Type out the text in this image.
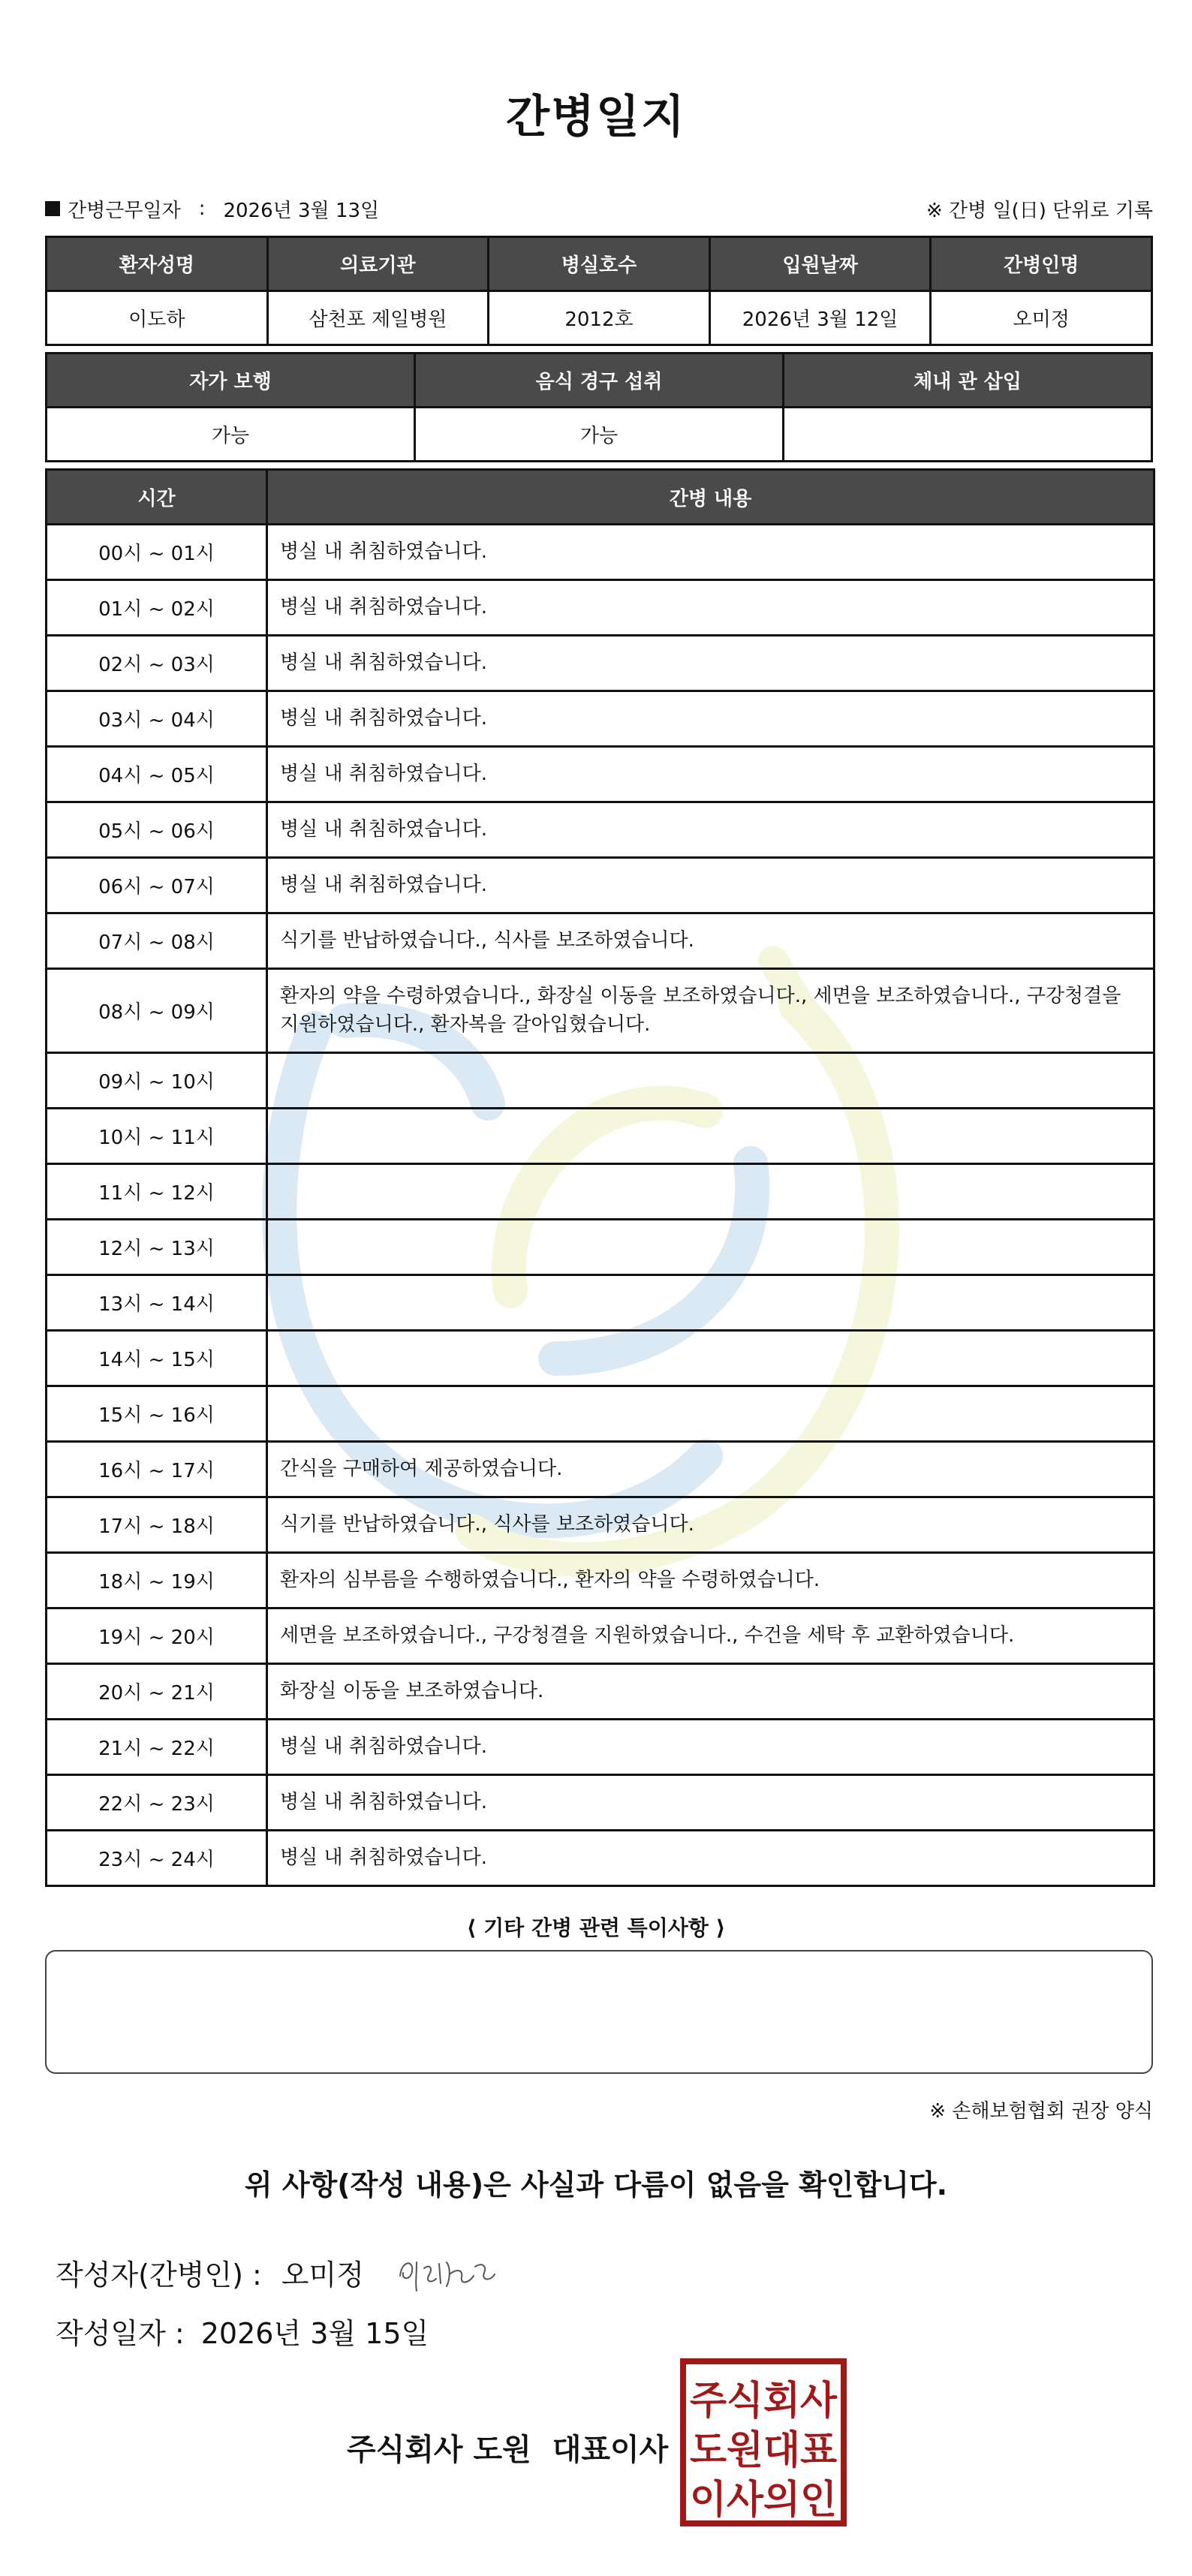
간병일지
간병근무일자 : 2026년 3월 13일	※ 간병 일(日) 단위로 기록
환자성명	의료기관	병실호수	입원날짜	간병인명
이도하	삼천포 제일병원	2012호	2026년 3월 12일	오미정
자가 보행	음식 경구 섭취	체내 관 삽입
가능	가능	
시간	간병 내용
00시 ~ 01시	병실 내 취침하였습니다.
01시 ~ 02시	병실 내 취침하였습니다.
02시 ~ 03시	병실 내 취침하였습니다.
03시 ~ 04시	병실 내 취침하였습니다.
04시 ~ 05시	병실 내 취침하였습니다.
05시 ~ 06시	병실 내 취침하였습니다.
06시 ~ 07시	병실 내 취침하였습니다.
07시 ~ 08시	식기를 반납하였습니다., 식사를 보조하였습니다.
08시 ~ 09시	환자의 약을 수령하였습니다., 화장실 이동을 보조하였습니다., 세면을 보조하였습니다., 구강청결을 지원하였습니다., 환자복을 갈아입혔습니다.
09시 ~ 10시	
10시 ~ 11시	
11시 ~ 12시	
12시 ~ 13시	
13시 ~ 14시	
14시 ~ 15시	
15시 ~ 16시	
16시 ~ 17시	간식을 구매하여 제공하였습니다.
17시 ~ 18시	식기를 반납하였습니다., 식사를 보조하였습니다.
18시 ~ 19시	환자의 심부름을 수행하였습니다., 환자의 약을 수령하였습니다.
19시 ~ 20시	세면을 보조하였습니다., 구강청결을 지원하였습니다., 수건을 세탁 후 교환하였습니다.
20시 ~ 21시	화장실 이동을 보조하였습니다.
21시 ~ 22시	병실 내 취침하였습니다.
22시 ~ 23시	병실 내 취침하였습니다.
23시 ~ 24시	병실 내 취침하였습니다.
⟨ 기타 간병 관련 특이사항 ⟩
※ 손해보험협회 권장 양식
위 사항(작성 내용)은 사실과 다름이 없음을 확인합니다.
작성자(간병인) : 오미정
작성일자 : 2026년 3월 15일
주식회사 도원 대표이사
주식회사
도원대표
이사의인
